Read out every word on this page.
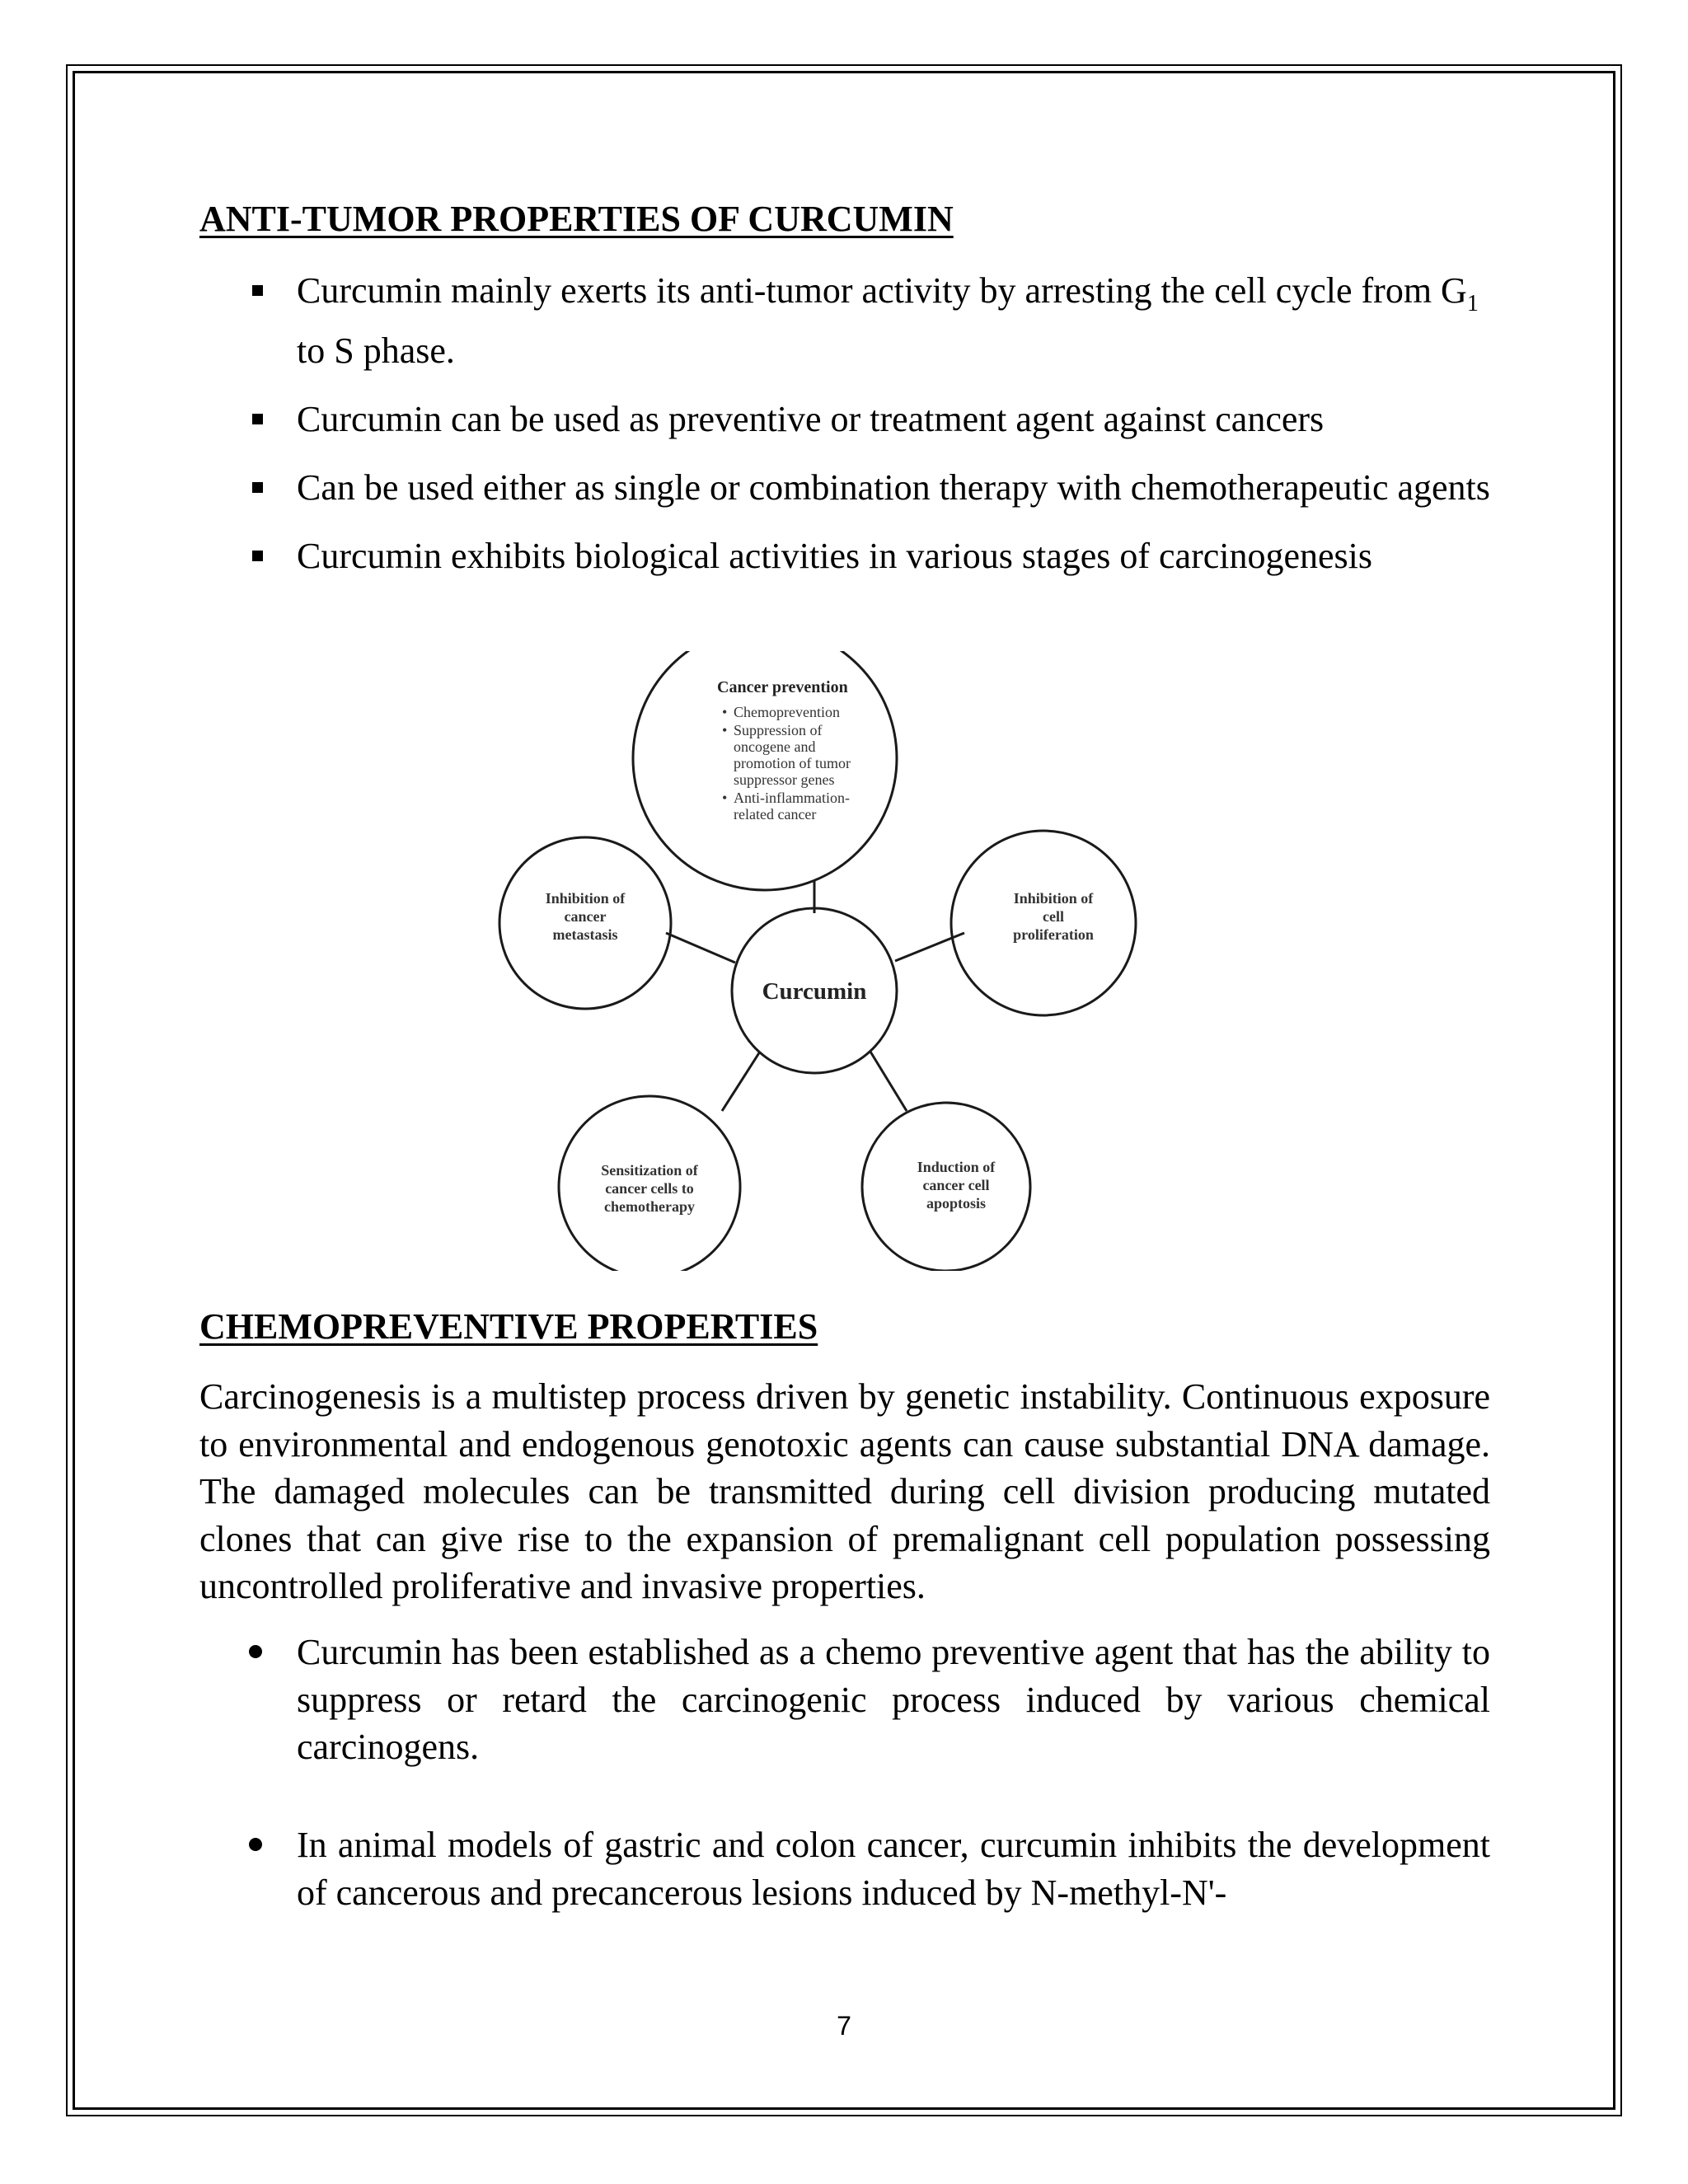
ANTI-TUMOR PROPERTIES OF CURCUMIN
Curcumin mainly exerts its anti-tumor activity by arresting the cell cycle from $G_1$ to S phase.
Curcumin can be used as preventive or treatment agent against cancers
Can be used either as single or combination therapy with chemotherapeutic agents
Curcumin exhibits biological activities in various stages of carcinogenesis
Curcumin
Cancer prevention
• Chemoprevention
• Suppression of
oncogene and
promotion of tumor
suppressor genes
• Anti-inflammation-
related cancer
Inhibition of
cancer
metastasis
Inhibition of
cell
proliferation
Sensitization of
cancer cells to
chemotherapy
Induction of
cancer cell
apoptosis
CHEMOPREVENTIVE PROPERTIES

Carcinogenesis is a multistep process driven by genetic instability. Continuous exposure to environmental and endogenous genotoxic agents can cause substantial DNA damage. The damaged molecules can be transmitted during cell division producing mutated clones that can give rise to the expansion of premalignant cell population possessing uncontrolled proliferative and invasive properties.

Curcumin has been established as a chemo preventive agent that has the ability to suppress or retard the carcinogenic process induced by various chemical carcinogens.
In animal models of gastric and colon cancer, curcumin inhibits the development of cancerous and precancerous lesions induced by N-methyl-N'-
7
